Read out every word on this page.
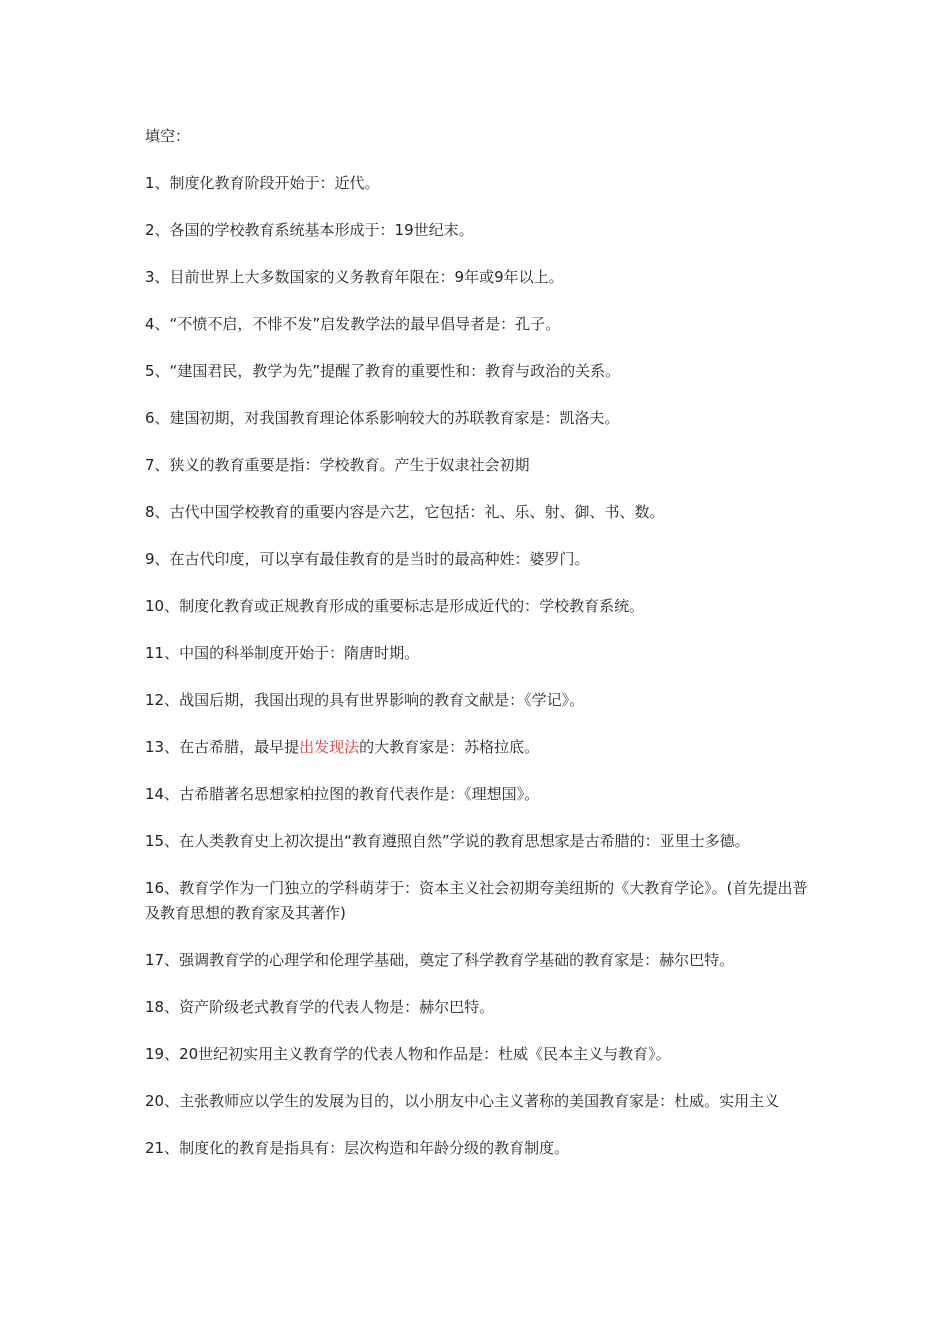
填空：
1、制度化教育阶段开始于：近代。
2、各国的学校教育系统基本形成于：19世纪末。
3、目前世界上大多数国家的义务教育年限在：9年或9年以上。
4、“不愤不启，不悱不发”启发教学法的最早倡导者是：孔子。
5、“建国君民，教学为先”提醒了教育的重要性和：教育与政治的关系。
6、建国初期，对我国教育理论体系影响较大的苏联教育家是：凯洛夫。
7、狭义的教育重要是指：学校教育。产生于奴隶社会初期
8、古代中国学校教育的重要内容是六艺，它包括：礼、乐、射、御、书、数。
9、在古代印度，可以享有最佳教育的是当时的最高种姓：婆罗门。
10、制度化教育或正规教育形成的重要标志是形成近代的：学校教育系统。
11、中国的科举制度开始于：隋唐时期。
12、战国后期，我国出现的具有世界影响的教育文献是：《学记》。
13、在古希腊，最早提出发现法的大教育家是：苏格拉底。
14、古希腊著名思想家柏拉图的教育代表作是：《理想国》。
15、在人类教育史上初次提出“教育遵照自然”学说的教育思想家是古希腊的：亚里士多德。
16、教育学作为一门独立的学科萌芽于：资本主义社会初期夸美纽斯的《大教育学论》。(首先提出普及教育思想的教育家及其著作)
17、强调教育学的心理学和伦理学基础，奠定了科学教育学基础的教育家是：赫尔巴特。
18、资产阶级老式教育学的代表人物是：赫尔巴特。
19、20世纪初实用主义教育学的代表人物和作品是：杜威《民本主义与教育》。
20、主张教师应以学生的发展为目的，以小朋友中心主义著称的美国教育家是：杜威。实用主义
21、制度化的教育是指具有：层次构造和年龄分级的教育制度。
